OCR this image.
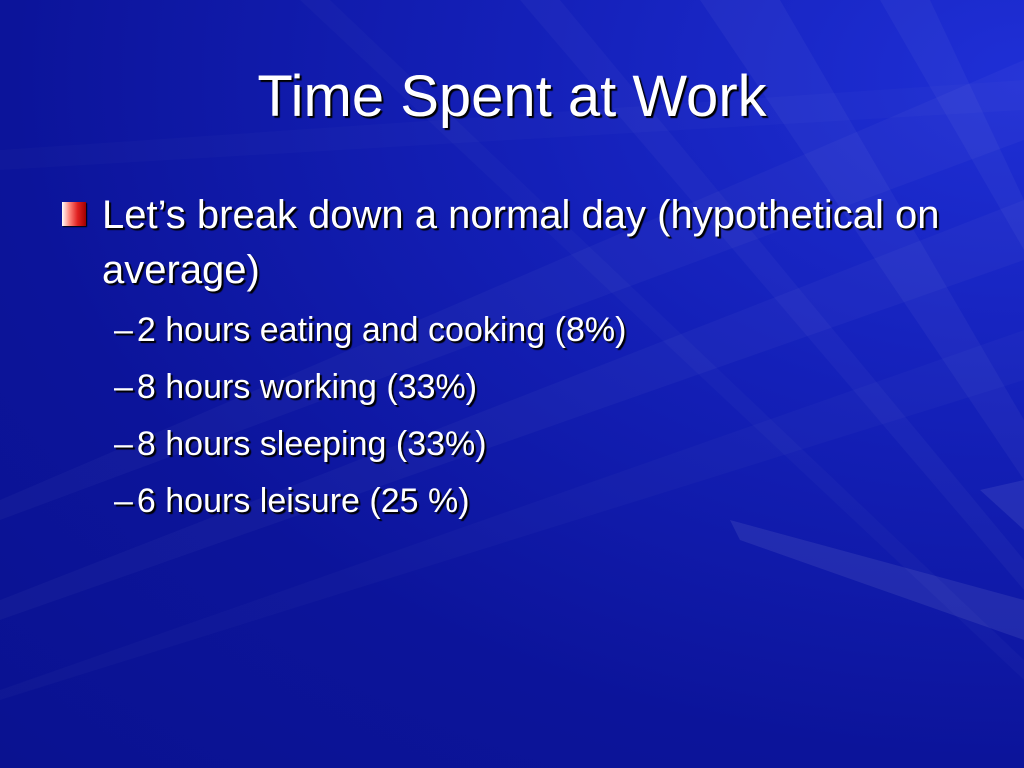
Time Spent at Work
Let’s break down a normal day (hypothetical on average)
– 2 hours eating and cooking (8%)
– 8 hours working (33%)
– 8 hours sleeping (33%)
– 6 hours leisure (25 %)
